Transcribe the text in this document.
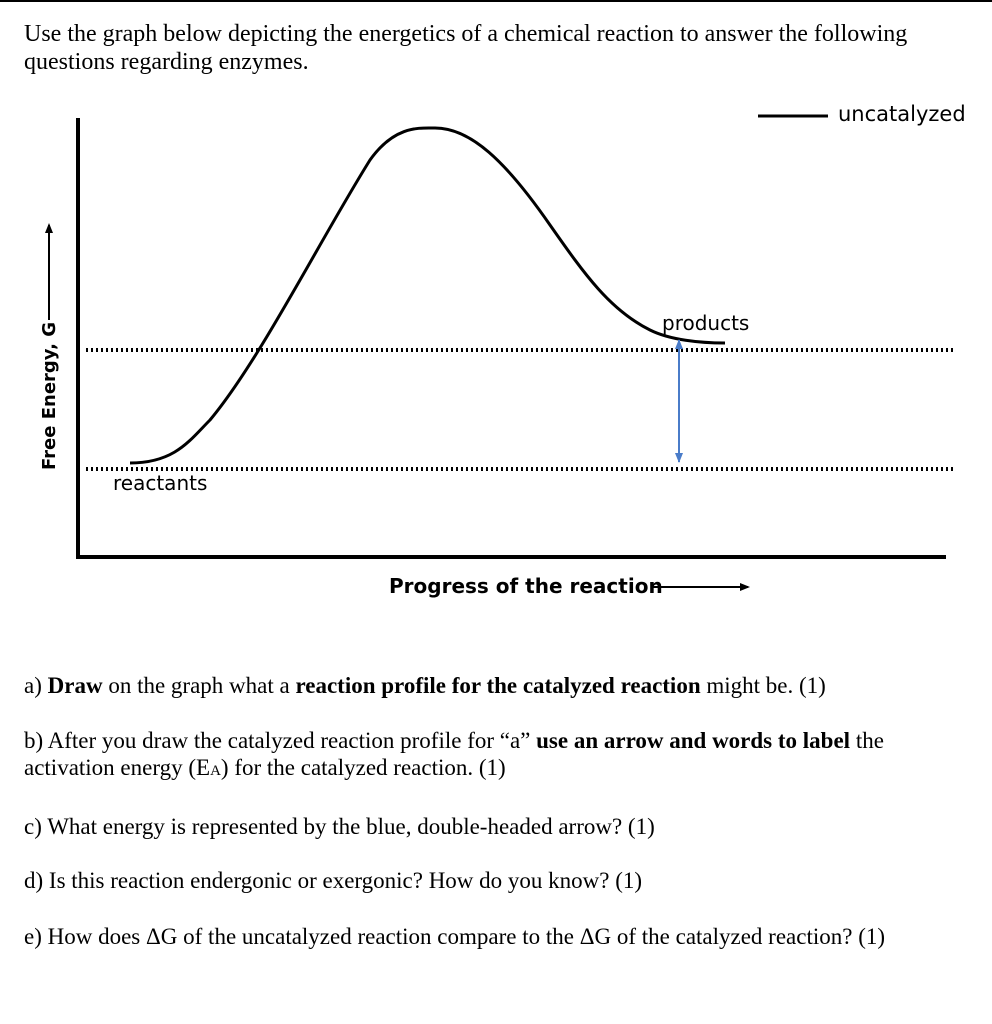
Use the graph below depicting the energetics of a chemical reaction to answer the following questions regarding enzymes.
uncatalyzed
products
reactants
Free Energy, G
Progress of the reaction
a) Draw on the graph what a reaction profile for the catalyzed reaction might be. (1)
b) After you draw the catalyzed reaction profile for “a” use an arrow and words to label the activation energy (EA) for the catalyzed reaction. (1)
c) What energy is represented by the blue, double-headed arrow? (1)
d) Is this reaction endergonic or exergonic? How do you know? (1)
e) How does ΔG of the uncatalyzed reaction compare to the ΔG of the catalyzed reaction? (1)
